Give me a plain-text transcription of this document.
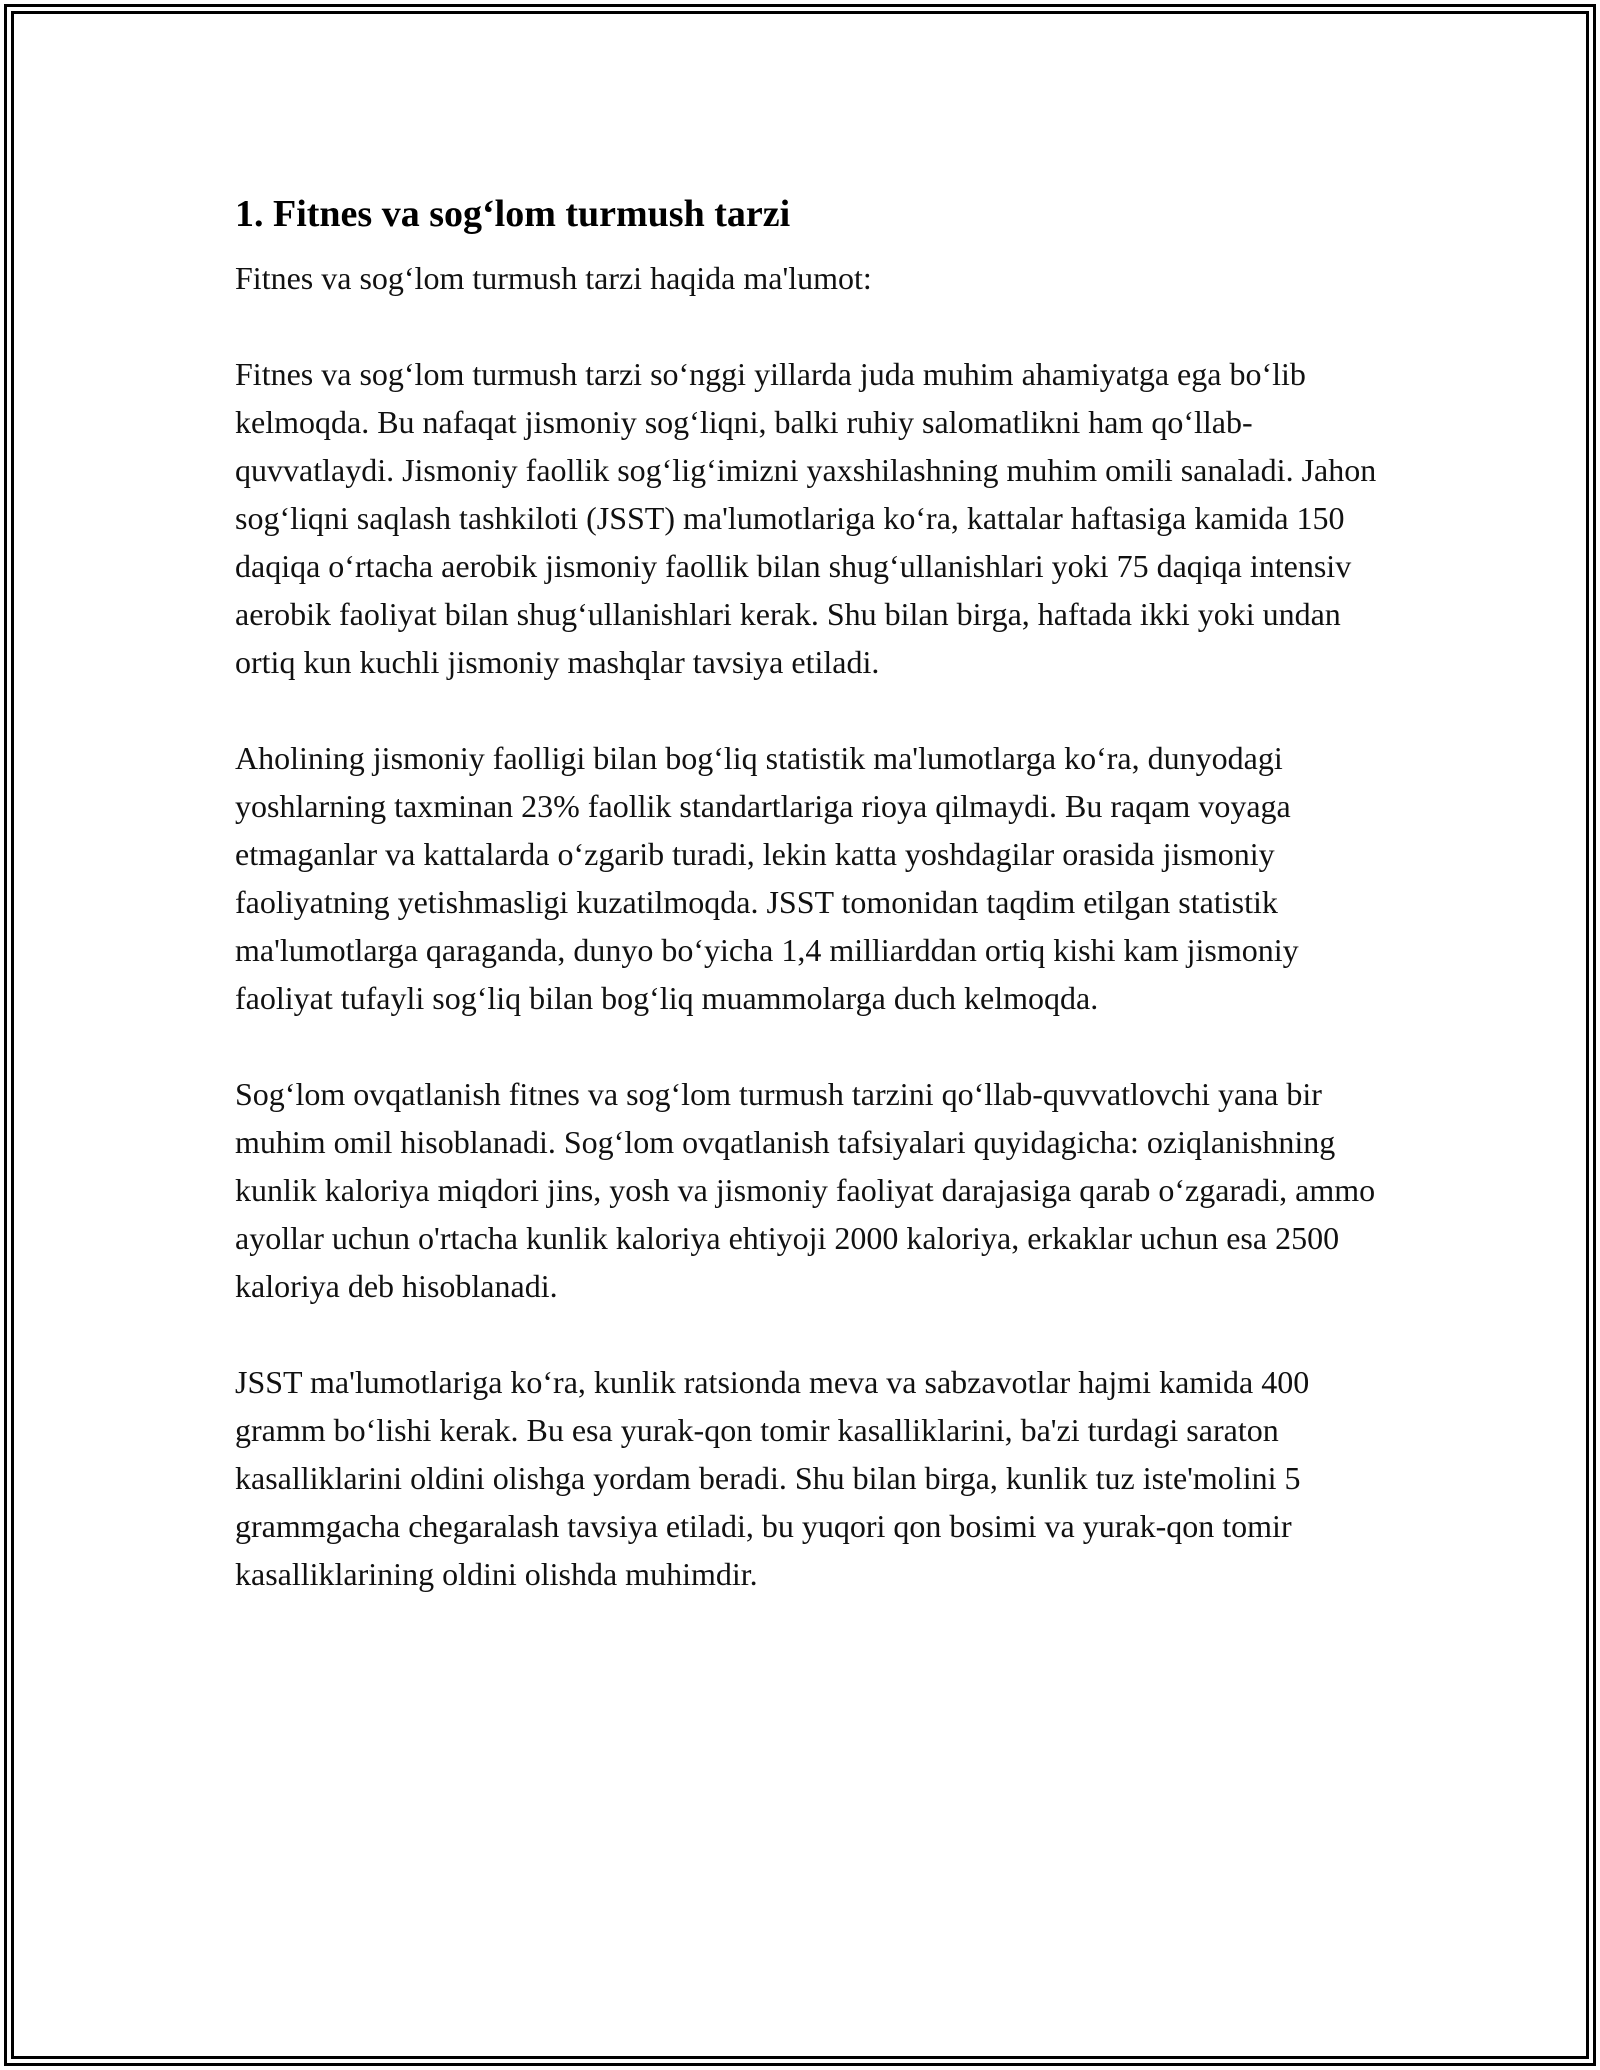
1. Fitnes va sog‘lom turmush tarzi

Fitnes va sog‘lom turmush tarzi haqida ma'lumot:

Fitnes va sog‘lom turmush tarzi so‘nggi yillarda juda muhim ahamiyatga ega bo‘lib kelmoqda. Bu nafaqat jismoniy sog‘liqni, balki ruhiy salomatlikni ham qo‘llab-quvvatlaydi. Jismoniy faollik sog‘lig‘imizni yaxshilashning muhim omili sanaladi. Jahon sog‘liqni saqlash tashkiloti (JSST) ma'lumotlariga ko‘ra, kattalar haftasiga kamida 150 daqiqa o‘rtacha aerobik jismoniy faollik bilan shug‘ullanishlari yoki 75 daqiqa intensiv aerobik faoliyat bilan shug‘ullanishlari kerak. Shu bilan birga, haftada ikki yoki undan ortiq kun kuchli jismoniy mashqlar tavsiya etiladi.

Aholining jismoniy faolligi bilan bog‘liq statistik ma'lumotlarga ko‘ra, dunyodagi yoshlarning taxminan 23% faollik standartlariga rioya qilmaydi. Bu raqam voyaga etmaganlar va kattalarda o‘zgarib turadi, lekin katta yoshdagilar orasida jismoniy faoliyatning yetishmasligi kuzatilmoqda. JSST tomonidan taqdim etilgan statistik ma'lumotlarga qaraganda, dunyo bo‘yicha 1,4 milliarddan ortiq kishi kam jismoniy faoliyat tufayli sog‘liq bilan bog‘liq muammolarga duch kelmoqda.

Sog‘lom ovqatlanish fitnes va sog‘lom turmush tarzini qo‘llab-quvvatlovchi yana bir muhim omil hisoblanadi. Sog‘lom ovqatlanish tafsiyalari quyidagicha: oziqlanishning kunlik kaloriya miqdori jins, yosh va jismoniy faoliyat darajasiga qarab o‘zgaradi, ammo ayollar uchun o'rtacha kunlik kaloriya ehtiyoji 2000 kaloriya, erkaklar uchun esa 2500 kaloriya deb hisoblanadi.

JSST ma'lumotlariga ko‘ra, kunlik ratsionda meva va sabzavotlar hajmi kamida 400 gramm bo‘lishi kerak. Bu esa yurak-qon tomir kasalliklarini, ba'zi turdagi saraton kasalliklarini oldini olishga yordam beradi. Shu bilan birga, kunlik tuz iste'molini 5 grammgacha chegaralash tavsiya etiladi, bu yuqori qon bosimi va yurak-qon tomir kasalliklarining oldini olishda muhimdir.
